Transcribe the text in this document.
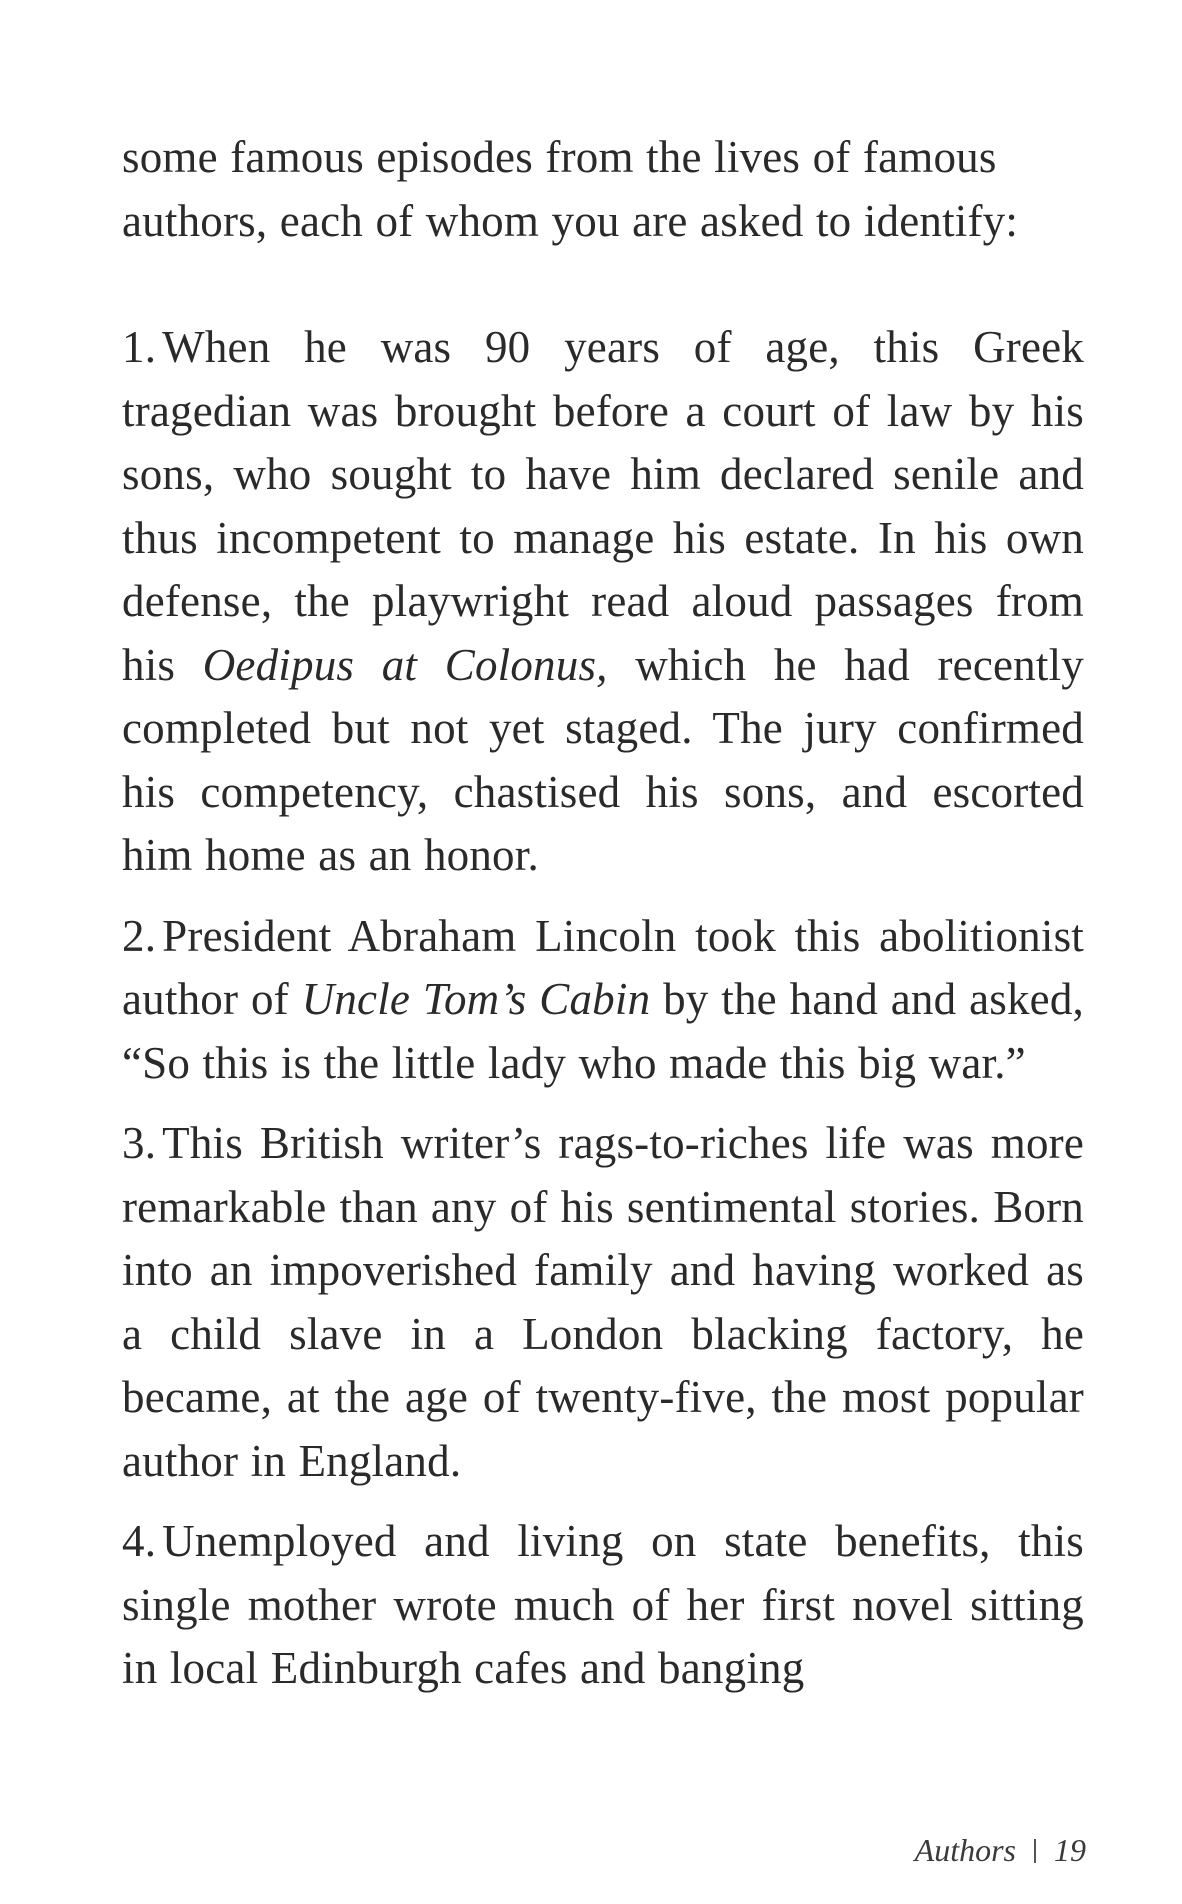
some famous episodes from the lives of famous authors, each of whom you are asked to identify:

1. When he was 90 years of age, this Greek tragedian was brought before a court of law by his sons, who sought to have him declared senile and thus incompetent to manage his estate. In his own defense, the playwright read aloud passages from his Oedipus at Colonus, which he had recently completed but not yet staged. The jury confirmed his competency, chastised his sons, and escorted him home as an honor.

2. President Abraham Lincoln took this abolitionist author of Uncle Tom’s Cabin by the hand and asked, “So this is the little lady who made this big war.”

3. This British writer’s rags-to-riches life was more remarkable than any of his sentimental stories. Born into an impoverished family and having worked as a child slave in a London blacking factory, he became, at the age of twenty-five, the most popular author in England.

4. Unemployed and living on state benefits, this single mother wrote much of her first novel sitting in local Edinburgh cafes and banging

Authors 19
